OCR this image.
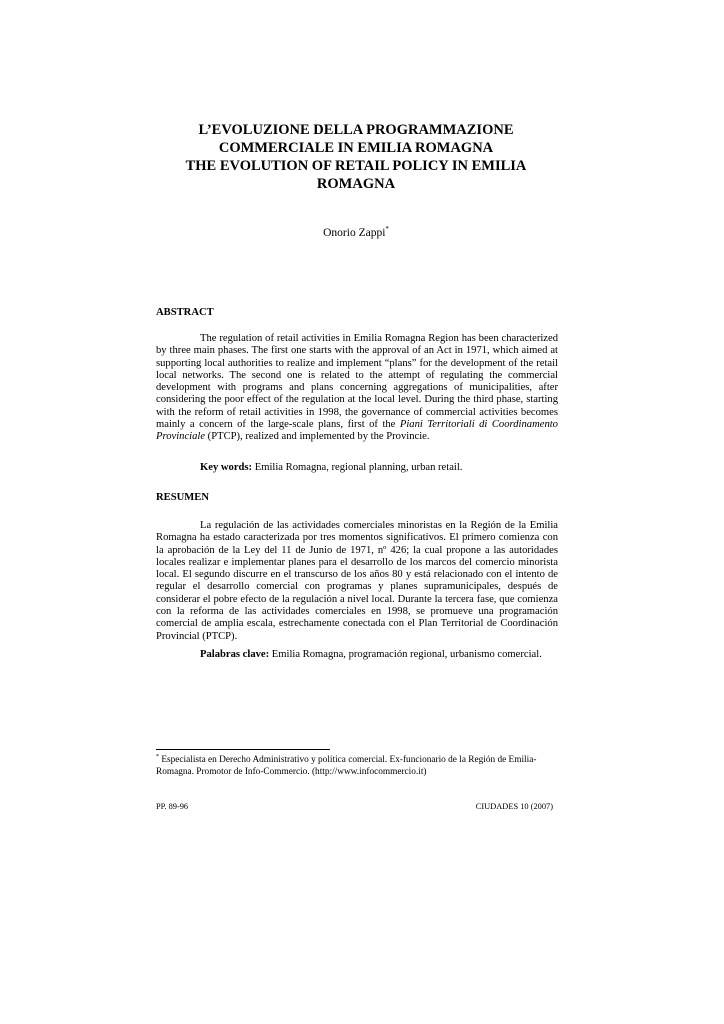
L’EVOLUZIONE DELLA PROGRAMMAZIONE COMMERCIALE IN EMILIA ROMAGNA
THE EVOLUTION OF RETAIL POLICY IN EMILIA ROMAGNA
Onorio Zappi*
ABSTRACT

The regulation of retail activities in Emilia Romagna Region has been characterized by three main phases. The first one starts with the approval of an Act in 1971, which aimed at supporting local authorities to realize and implement “plans” for the development of the retail local networks. The second one is related to the attempt of regulating the commercial development with programs and plans concerning aggregations of municipalities, after considering the poor effect of the regulation at the local level. During the third phase, starting with the reform of retail activities in 1998, the governance of commercial activities becomes mainly a concern of the large-scale plans, first of the Piani Territoriali di Coordinamento Provinciale (PTCP), realized and implemented by the Provincie.

Key words: Emilia Romagna, regional planning, urban retail.

RESUMEN

La regulación de las actividades comerciales minoristas en la Región de la Emilia Romagna ha estado caracterizada por tres momentos significativos. El primero comienza con la aprobación de la Ley del 11 de Junio de 1971, nº 426; la cual propone a las autoridades locales realizar e implementar planes para el desarrollo de los marcos del comercio minorista local. El segundo discurre en el transcurso de los años 80 y está relacionado con el intento de regular el desarrollo comercial con programas y planes supramunicipales, después de considerar el pobre efecto de la regulación a nivel local. Durante la tercera fase, que comienza con la reforma de las actividades comerciales en 1998, se promueve una programación comercial de amplia escala, estrechamente conectada con el Plan Territorial de Coordinación Provincial (PTCP).

Palabras clave: Emilia Romagna, programación regional, urbanismo comercial.

* Especialista en Derecho Administrativo y política comercial. Ex-funcionario de la Región de Emilia-Romagna. Promotor de Info-Commercio. (http://www.infocommercio.it)

PP. 89-96	CIUDADES 10 (2007)
